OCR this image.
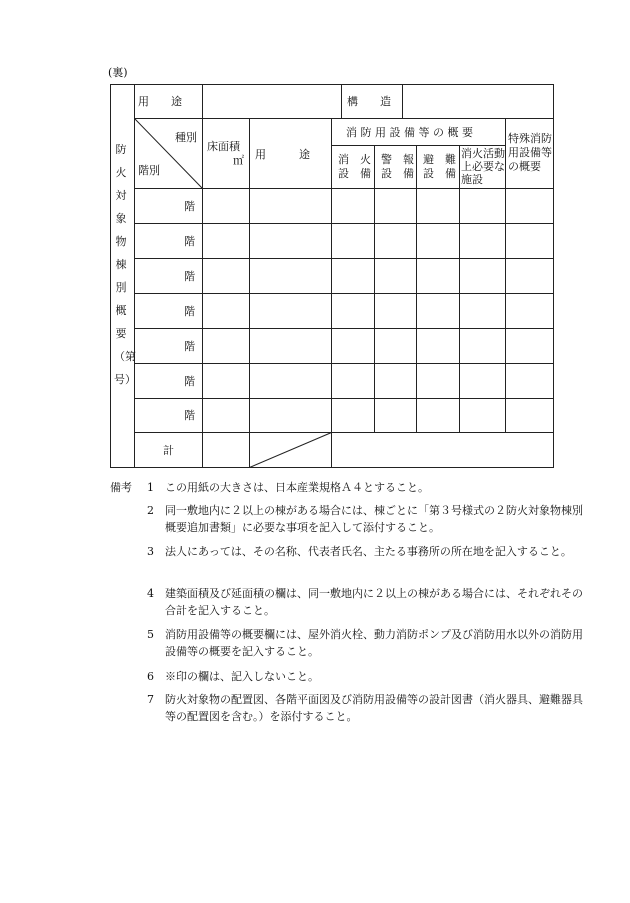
(裏)
防 火 対 象 物 棟 別 概 要（第 号）
用　　途	構　　造
種別
階別
床面積
㎡ 用　　　途
消 防 用 設 備 等 の 概 要
消　火
設　備
警　報
設　備
避　難
設　備
消火活動
上必要な
施設
特殊消防
用設備等
の概要
階
階
階
階
階
階
階
計
備考 1 この用紙の大きさは、日本産業規格Ａ４とすること。
2 同一敷地内に２以上の棟がある場合には、棟ごとに「第３号様式の２防火対象物棟別概要追加書類」に必要な事項を記入して添付すること。
3 法人にあっては、その名称、代表者氏名、主たる事務所の所在地を記入すること。
4 建築面積及び延面積の欄は、同一敷地内に２以上の棟がある場合には、それぞれその合計を記入すること。
5 消防用設備等の概要欄には、屋外消火栓、動力消防ポンプ及び消防用水以外の消防用設備等の概要を記入すること。
6 ※印の欄は、記入しないこと。
7 防火対象物の配置図、各階平面図及び消防用設備等の設計図書（消火器具、避難器具等の配置図を含む。）を添付すること。
